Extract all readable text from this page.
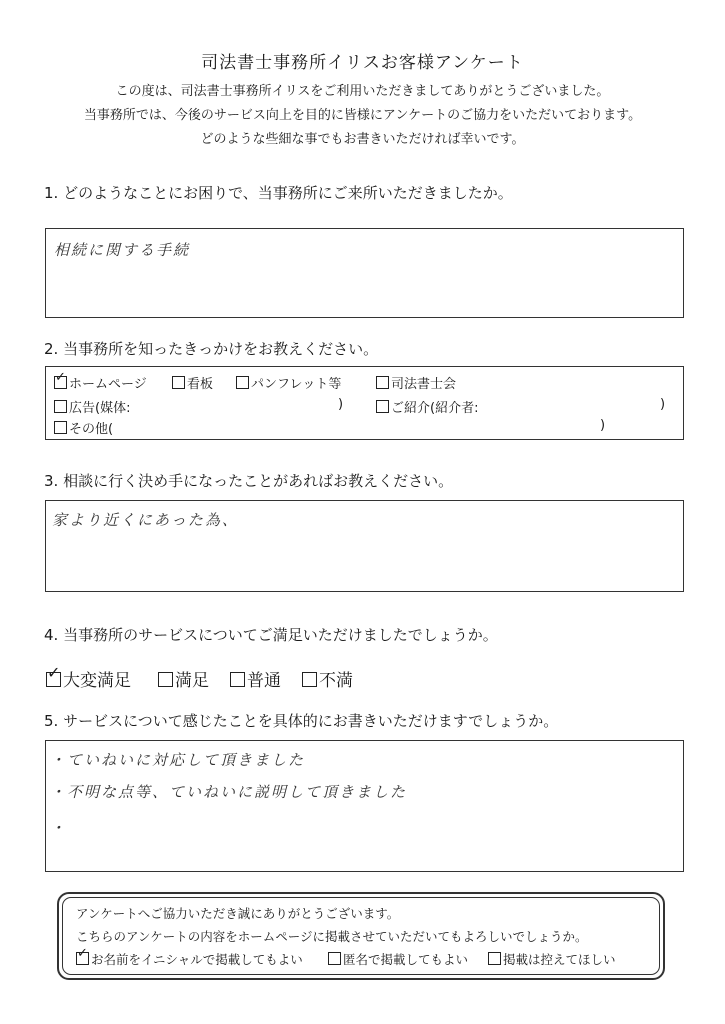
司法書士事務所イリスお客様アンケート
この度は、司法書士事務所イリスをご利用いただきましてありがとうございました。
当事務所では、今後のサービス向上を目的に皆様にアンケートのご協力をいただいております。
どのような些細な事でもお書きいただければ幸いです。
1. どのようなことにお困りで、当事務所にご来所いただきましたか。
相続に関する手続
2. 当事務所を知ったきっかけをお教えください。
✓ホームページ	看板	パンフレット等	司法書士会
広告(媒体:	)	ご紹介(紹介者:	)
その他(	)
3. 相談に行く決め手になったことがあればお教えください。
家より近くにあった為、
4. 当事務所のサービスについてご満足いただけましたでしょうか。
✓大変満足	満足	普通	不満
5. サービスについて感じたことを具体的にお書きいただけますでしょうか。
・ていねいに対応して頂きました
・不明な点等、ていねいに説明して頂きました
・
アンケートへご協力いただき誠にありがとうございます。
こちらのアンケートの内容をホームページに掲載させていただいてもよろしいでしょうか。
✓お名前をイニシャルで掲載してもよい	匿名で掲載してもよい	掲載は控えてほしい
